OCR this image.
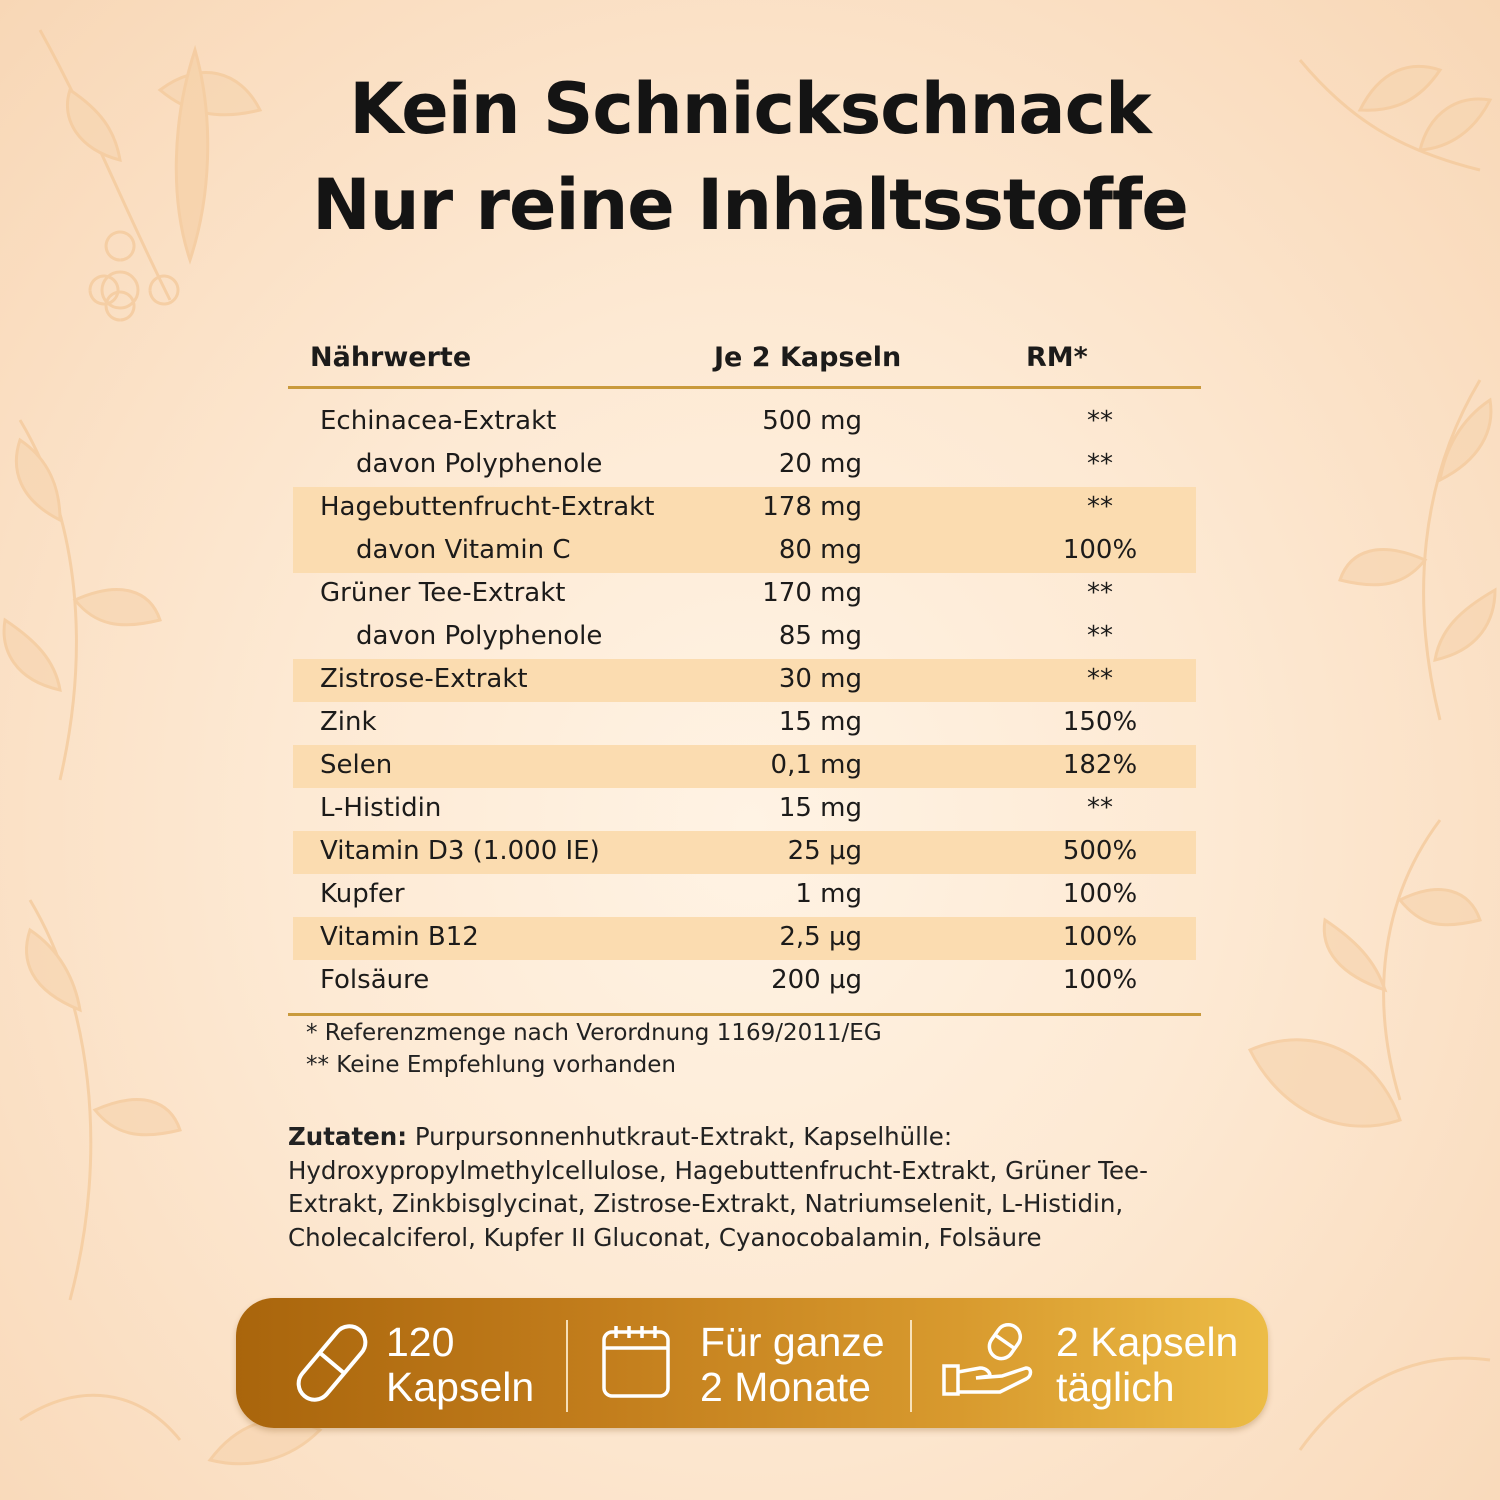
Kein Schnickschnack
Nur reine Inhaltsstoffe
Nährwerte	Je 2 Kapseln	RM*
Echinacea-Extrakt	500 mg	**
davon Polyphenole	20 mg	**
Hagebuttenfrucht-Extrakt	178 mg	**
davon Vitamin C	80 mg	100%
Grüner Tee-Extrakt	170 mg	**
davon Polyphenole	85 mg	**
Zistrose-Extrakt	30 mg	**
Zink	15 mg	150%
Selen	0,1 mg	182%
L-Histidin	15 mg	**
Vitamin D3 (1.000 IE)	25 µg	500%
Kupfer	1 mg	100%
Vitamin B12	2,5 µg	100%
Folsäure	200 µg	100%
* Referenzmenge nach Verordnung 1169/2011/EG
** Keine Empfehlung vorhanden
Zutaten: Purpursonnenhutkraut-Extrakt, Kapselhülle: Hydroxypropylmethylcellulose, Hagebuttenfrucht-Extrakt, Grüner Tee-Extrakt, Zinkbisglycinat, Zistrose-Extrakt, Natriumselenit, L-Histidin, Cholecalciferol, Kupfer II Gluconat, Cyanocobalamin, Folsäure
120
Kapseln
Für ganze
2 Monate
2 Kapseln
täglich
